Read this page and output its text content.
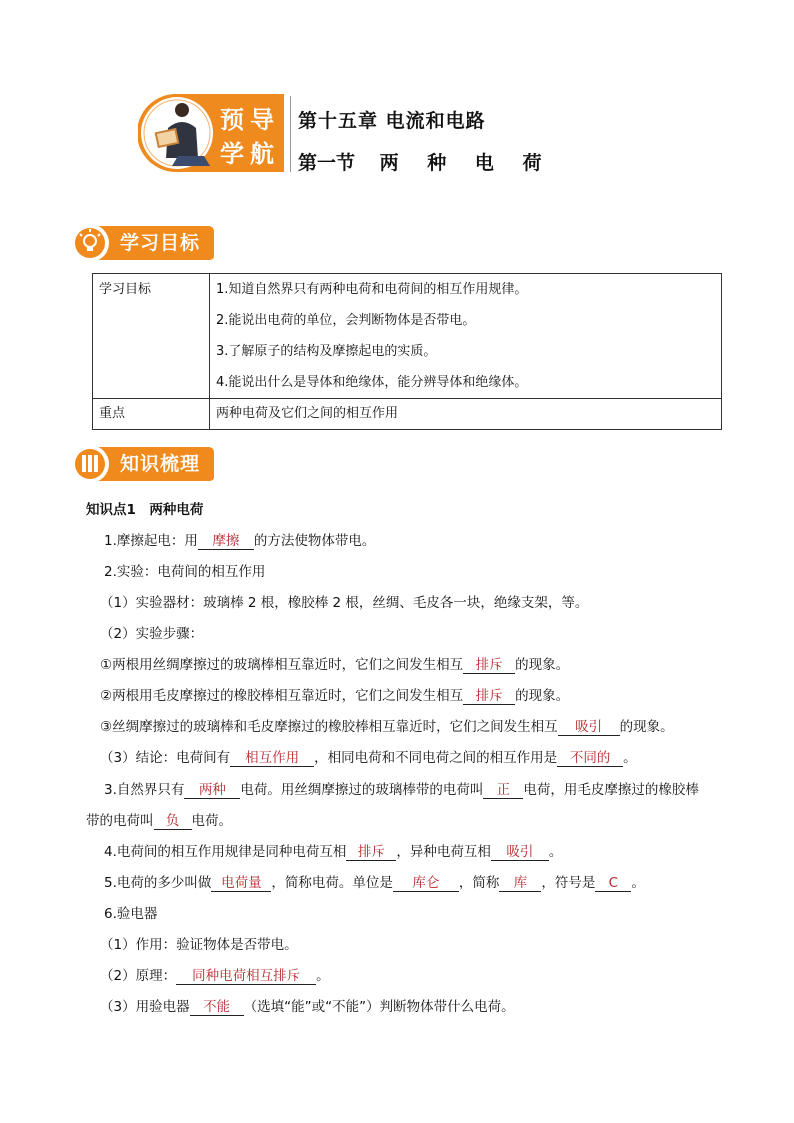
预 导
学 航
第十五章 电流和电路
第一节 两 种 电 荷
学习目标
学习目标	1.知道自然界只有两种电荷和电荷间的相互作用规律。
2.能说出电荷的单位，会判断物体是否带电。
3.了解原子的结构及摩擦起电的实质。
4.能说出什么是导体和绝缘体，能分辨导体和绝缘体。

重点	两种电荷及它们之间的相互作用
知识梳理
知识点1　两种电荷
1.摩擦起电：用 摩擦 的方法使物体带电。
2.实验：电荷间的相互作用
（1）实验器材：玻璃棒 2 根，橡胶棒 2 根，丝绸、毛皮各一块，绝缘支架，等。
（2）实验步骤：
①两根用丝绸摩擦过的玻璃棒相互靠近时，它们之间发生相互 排斥 的现象。
②两根用毛皮摩擦过的橡胶棒相互靠近时，它们之间发生相互 排斥 的现象。
③丝绸摩擦过的玻璃棒和毛皮摩擦过的橡胶棒相互靠近时，它们之间发生相互 吸引 的现象。
（3）结论：电荷间有 相互作用 ，相同电荷和不同电荷之间的相互作用是 不同的 。
3.自然界只有 两种 电荷。用丝绸摩擦过的玻璃棒带的电荷叫 正 电荷，用毛皮摩擦过的橡胶棒
带的电荷叫 负 电荷。
4.电荷间的相互作用规律是同种电荷互相 排斥 ，异种电荷互相 吸引 。
5.电荷的多少叫做 电荷量 ，简称电荷。单位是 库仑 ，简称 库 ，符号是 C 。
6.验电器
（1）作用：验证物体是否带电。
（2）原理： 同种电荷相互排斥 。
（3）用验电器 不能 （选填“能”或“不能”）判断物体带什么电荷。
